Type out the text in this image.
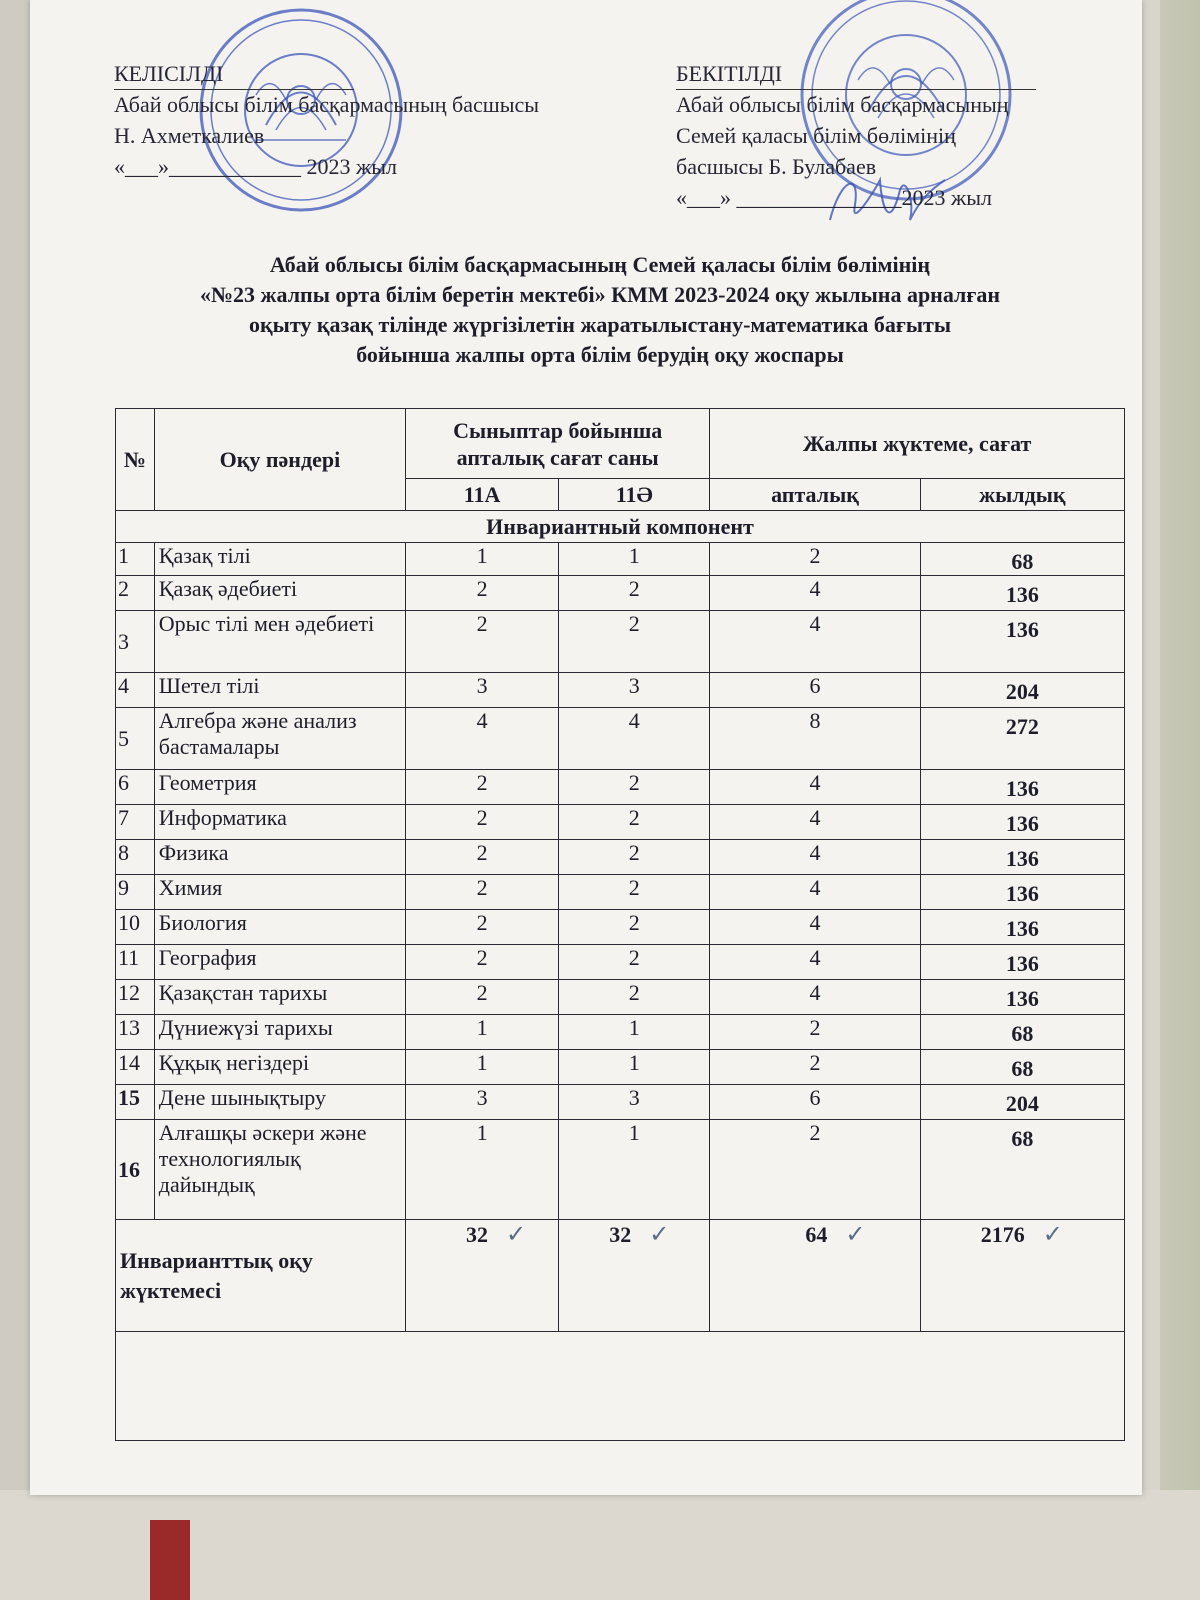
КЕЛІСІЛДІ
Абай облысы білім басқармасының басшысы
Н. Ахметкалиев
«___»____________ 2023 жыл
БЕКІТІЛДІ
Абай облысы білім басқармасының
Семей қаласы білім бөлімінің
басшысы Б. Булабаев
«___» _______________2023 жыл
Абай облысы білім басқармасының Семей қаласы білім бөлімінің
«№23 жалпы орта білім беретін мектебі» КММ 2023-2024 оқу жылына арналған
оқыту қазақ тілінде жүргізілетін жаратылыстану-математика бағыты
бойынша жалпы орта білім берудің оқу жоспары
№	Оқу пәндері	Сыныптар бойынша апталық сағат саны		Жалпы жүктеме, сағат	
		11А	11Ә	апталық	жылдық
Инвариантный компонент					
1	Қазақ тілі	1	1	2	68
2	Қазақ әдебиеті	2	2	4	136
3	Орыс тілі мен әдебиеті	2	2	4	136
4	Шетел тілі	3	3	6	204
5	Алгебра және анализ бастамалары	4	4	8	272
6	Геометрия	2	2	4	136
7	Информатика	2	2	4	136
8	Физика	2	2	4	136
9	Химия	2	2	4	136
10	Биология	2	2	4	136
11	География	2	2	4	136
12	Қазақстан тарихы	2	2	4	136
13	Дүниежүзі тарихы	1	1	2	68
14	Құқық негіздері	1	1	2	68
15	Дене шынықтыру	3	3	6	204
16	Алғашқы әскери және технологиялық дайындық	1	1	2	68
Инварианттық оқу жүктемесі		32 ✓	32 ✓	64 ✓	2176 ✓
